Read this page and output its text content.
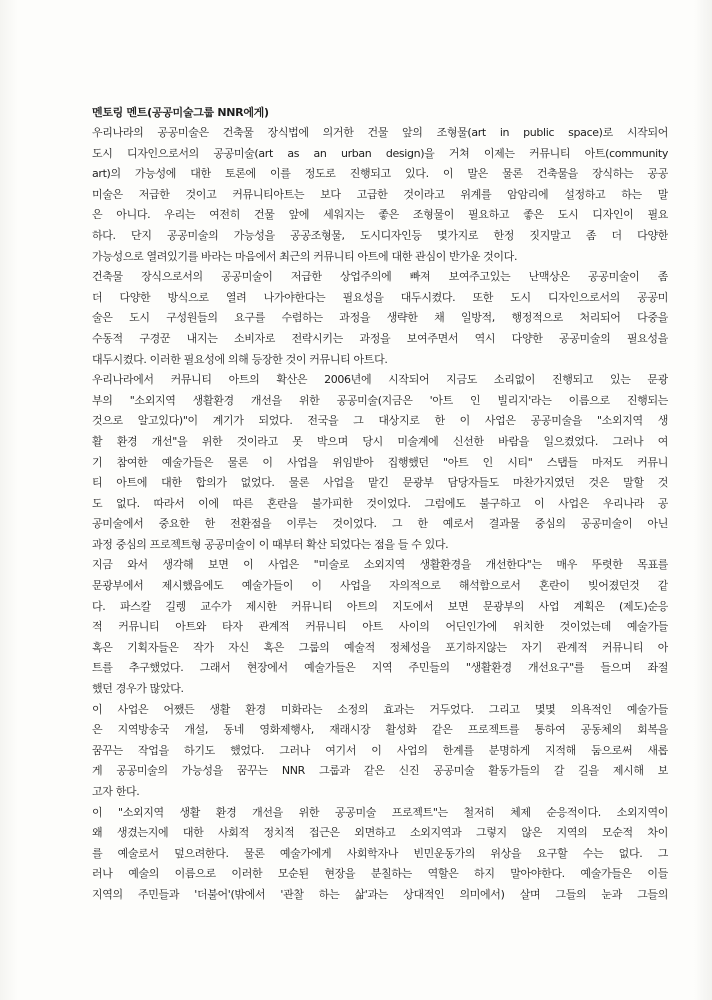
멘토링 멘트(공공미술그룹 NNR에게)
우리나라의 공공미술은 건축물 장식법에 의거한 건물 앞의 조형물(art in public space)로 시작되어
도시 디자인으로서의 공공미술(art as an urban design)을 거쳐 이제는 커뮤니티 아트(community
art)의 가능성에 대한 토론에 이를 정도로 진행되고 있다. 이 말은 물론 건축물을 장식하는 공공
미술은 저급한 것이고 커뮤니티아트는 보다 고급한 것이라고 위계를 암암리에 설정하고 하는 말
은 아니다. 우리는 여전히 건물 앞에 세워지는 좋은 조형물이 필요하고 좋은 도시 디자인이 필요
하다. 단지 공공미술의 가능성을 공공조형물, 도시디자인등 몇가지로 한정 짓지말고 좀 더 다양한
가능성으로 열려있기를 바라는 마음에서 최근의 커뮤니티 아트에 대한 관심이 반가운 것이다.
건축물 장식으로서의 공공미술이 저급한 상업주의에 빠져 보여주고있는 난맥상은 공공미술이 좀
더 다양한 방식으로 열려 나가야한다는 필요성을 대두시켰다. 또한 도시 디자인으로서의 공공미
술은 도시 구성원들의 요구를 수렴하는 과정을 생략한 채 일방적, 행정적으로 처리되어 다중을
수동적 구경꾼 내지는 소비자로 전락시키는 과정을 보여주면서 역시 다양한 공공미술의 필요성을
대두시켰다. 이러한 필요성에 의해 등장한 것이 커뮤니티 아트다.
우리나라에서 커뮤니티 아트의 확산은 2006년에 시작되어 지금도 소리없이 진행되고 있는 문광
부의 "소외지역 생활환경 개선을 위한 공공미술(지금은 '아트 인 빌리지'라는 이름으로 진행되는
것으로 알고있다)"이 계기가 되었다. 전국을 그 대상지로 한 이 사업은 공공미술을 "소외지역 생
활 환경 개선"을 위한 것이라고 못 박으며 당시 미술계에 신선한 바람을 일으켰었다. 그러나 여
기 참여한 예술가들은 물론 이 사업을 위임받아 집행했던 "아트 인 시티" 스탭들 마저도 커뮤니
티 아트에 대한 합의가 없었다. 물론 사업을 맡긴 문광부 담당자들도 마찬가지였던 것은 말할 것
도 없다. 따라서 이에 따른 혼란을 불가피한 것이었다. 그럼에도 불구하고 이 사업은 우리나라 공
공미술에서 중요한 한 전환점을 이루는 것이었다. 그 한 예로서 결과물 중심의 공공미술이 아닌
과정 중심의 프로젝트형 공공미술이 이 때부터 확산 되었다는 점을 들 수 있다.
지금 와서 생각해 보면 이 사업은 "미술로 소외지역 생활환경을 개선한다"는 매우 뚜렷한 목표를
문광부에서 제시했음에도 예술가들이 이 사업을 자의적으로 해석함으로서 혼란이 빚어졌던것 같
다. 파스칼 길렝 교수가 제시한 커뮤니티 아트의 지도에서 보면 문광부의 사업 계획은 (제도)순응
적 커뮤니티 아트와 타자 관계적 커뮤니티 아트 사이의 어딘인가에 위치한 것이었는데 예술가들
혹은 기획자들은 작가 자신 혹은 그룹의 예술적 정체성을 포기하지않는 자기 관계적 커뮤니티 아
트를 추구했었다. 그래서 현장에서 예술가들은 지역 주민들의 "생활환경 개선요구"를 들으며 좌절
했던 경우가 많았다.
이 사업은 어쨌든 생활 환경 미화라는 소정의 효과는 거두었다. 그리고 몇몇 의욕적인 예술가들
은 지역방송국 개설, 동네 영화제행사, 재래시장 활성화 같은 프로젝트를 통하여 공동체의 회복을
꿈꾸는 작업을 하기도 했었다. 그러나 여기서 이 사업의 한계를 분명하게 지적해 둠으로써 새롭
게 공공미술의 가능성을 꿈꾸는 NNR 그룹과 같은 신진 공공미술 활동가들의 갈 길을 제시해 보
고자 한다.
이 "소외지역 생활 환경 개선을 위한 공공미술 프로젝트"는 철저히 체제 순응적이다. 소외지역이
왜 생겼는지에 대한 사회적 정치적 접근은 외면하고 소외지역과 그렇지 않은 지역의 모순적 차이
를 예술로서 덮으려한다. 물론 예술가에게 사회학자나 빈민운동가의 위상을 요구할 수는 없다. 그
러나 예술의 이름으로 이러한 모순된 현장을 분칠하는 역할은 하지 말아야한다. 예술가들은 이들
지역의 주민들과 '더불어'(밖에서 '관찰 하는 삶'과는 상대적인 의미에서) 살며 그들의 눈과 그들의
